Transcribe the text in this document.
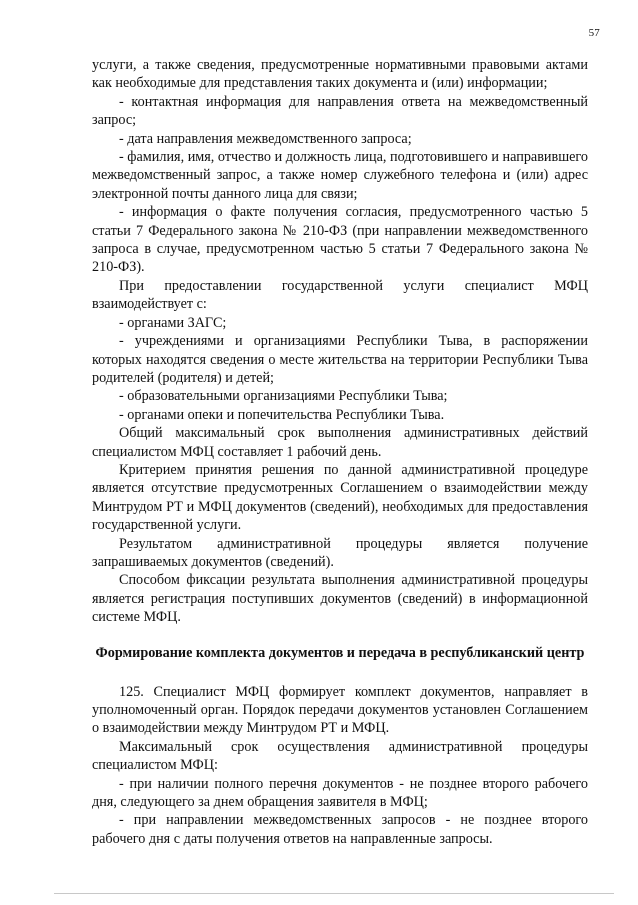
57

услуги, а также сведения, предусмотренные нормативными правовыми актами как необходимые для представления таких документа и (или) информации;

- контактная информация для направления ответа на межведомственный запрос;

- дата направления межведомственного запроса;

- фамилия, имя, отчество и должность лица, подготовившего и направившего межведомственный запрос, а также номер служебного телефона и (или) адрес электронной почты данного лица для связи;

- информация о факте получения согласия, предусмотренного частью 5 статьи 7 Федерального закона № 210-ФЗ (при направлении межведомственного запроса в случае, предусмотренном частью 5 статьи 7 Федерального закона № 210-ФЗ).

При предоставлении государственной услуги специалист МФЦ взаимодействует с:

- органами ЗАГС;

- учреждениями и организациями Республики Тыва, в распоряжении которых находятся сведения о месте жительства на территории Республики Тыва родителей (родителя) и детей;

- образовательными организациями Республики Тыва;

- органами опеки и попечительства Республики Тыва.

Общий максимальный срок выполнения административных действий специалистом МФЦ составляет 1 рабочий день.

Критерием принятия решения по данной административной процедуре является отсутствие предусмотренных Соглашением о взаимодействии между Минтрудом РТ и МФЦ документов (сведений), необходимых для предоставления государственной услуги.

Результатом административной процедуры является получение запрашиваемых документов (сведений).

Способом фиксации результата выполнения административной процедуры является регистрация поступивших документов (сведений) в информационной системе МФЦ.

Формирование комплекта документов и передача в республиканский центр

125. Специалист МФЦ формирует комплект документов, направляет в уполномоченный орган. Порядок передачи документов установлен Соглашением о взаимодействии между Минтрудом РТ и МФЦ.

Максимальный срок осуществления административной процедуры специалистом МФЦ:

- при наличии полного перечня документов - не позднее второго рабочего дня, следующего за днем обращения заявителя в МФЦ;

- при направлении межведомственных запросов - не позднее второго рабочего дня с даты получения ответов на направленные запросы.
